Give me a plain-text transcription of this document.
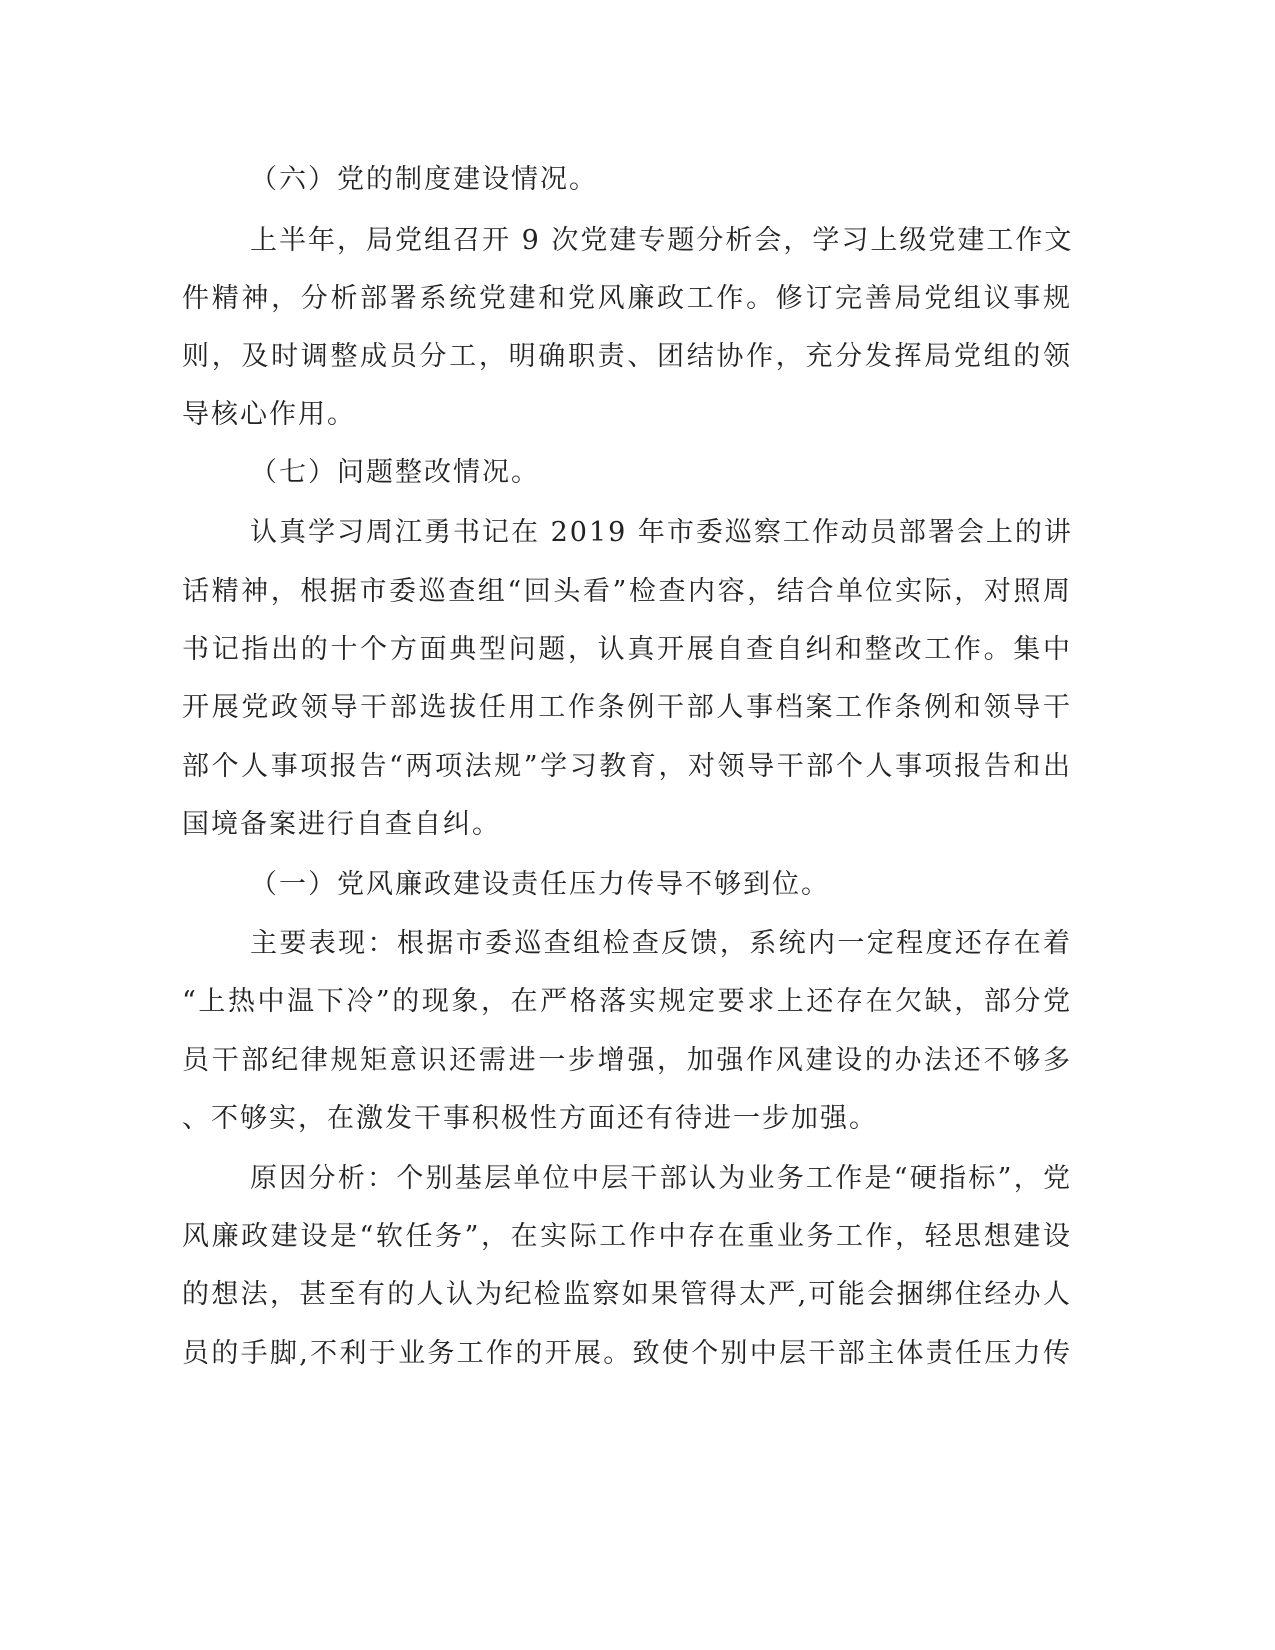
（六）党的制度建设情况。

上半年，局党组召开 9 次党建专题分析会，学习上级党建工作文

件精神，分析部署系统党建和党风廉政工作。修订完善局党组议事规

则，及时调整成员分工，明确职责、团结协作，充分发挥局党组的领

导核心作用。

（七）问题整改情况。

认真学习周江勇书记在 2019 年市委巡察工作动员部署会上的讲

话精神，根据市委巡查组“回头看”检查内容，结合单位实际，对照周

书记指出的十个方面典型问题，认真开展自查自纠和整改工作。集中

开展党政领导干部选拔任用工作条例干部人事档案工作条例和领导干

部个人事项报告“两项法规”学习教育，对领导干部个人事项报告和出

国境备案进行自查自纠。

（一）党风廉政建设责任压力传导不够到位。

主要表现：根据市委巡查组检查反馈，系统内一定程度还存在着

“上热中温下冷”的现象，在严格落实规定要求上还存在欠缺，部分党

员干部纪律规矩意识还需进一步增强，加强作风建设的办法还不够多

、不够实，在激发干事积极性方面还有待进一步加强。

原因分析：个别基层单位中层干部认为业务工作是“硬指标”，党

风廉政建设是“软任务”，在实际工作中存在重业务工作，轻思想建设

的想法，甚至有的人认为纪检监察如果管得太严,可能会捆绑住经办人

员的手脚,不利于业务工作的开展。致使个别中层干部主体责任压力传
